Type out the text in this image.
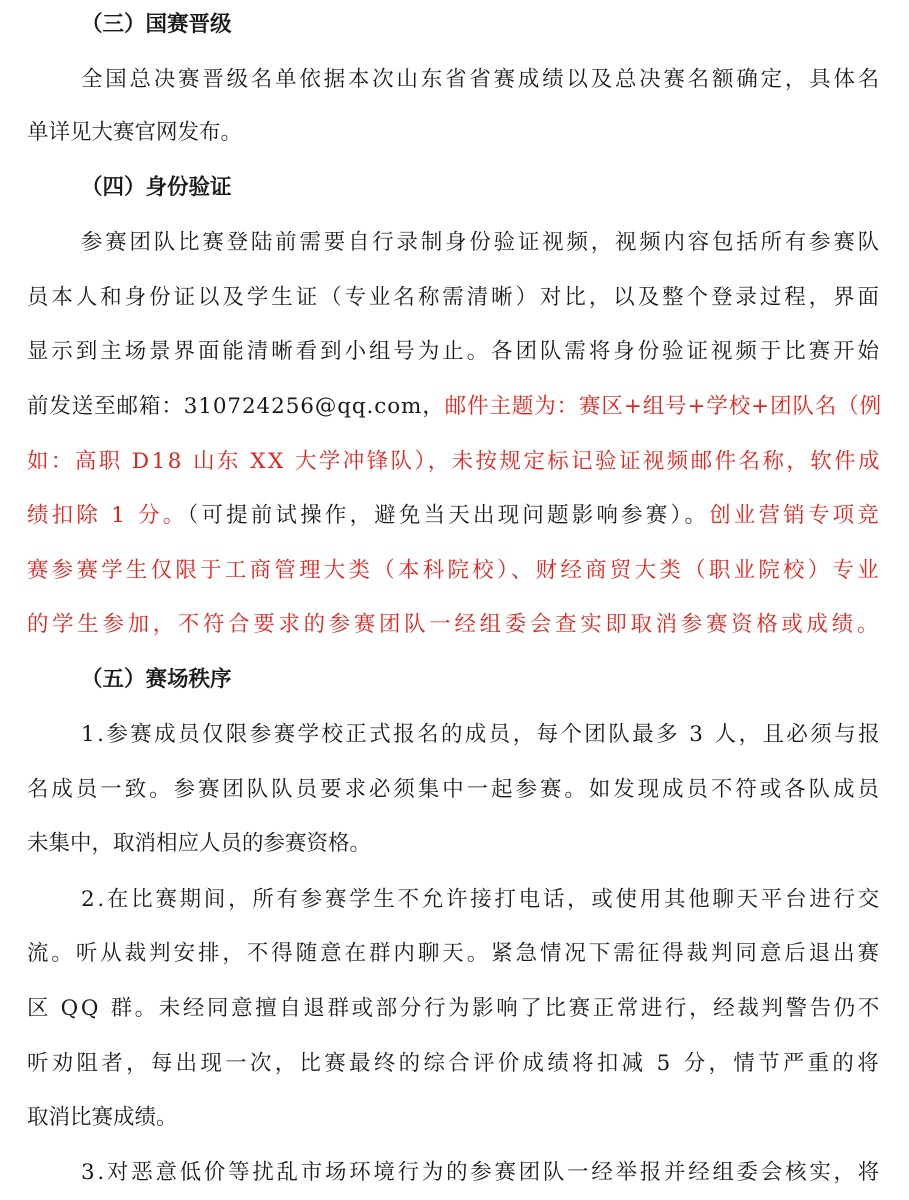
（三）国赛晋级
全国总决赛晋级名单依据本次山东省省赛成绩以及总决赛名额确定，具体名
单详见大赛官网发布。
（四）身份验证
参赛团队比赛登陆前需要自行录制身份验证视频，视频内容包括所有参赛队
员本人和身份证以及学生证（专业名称需清晰）对比，以及整个登录过程，界面
显示到主场景界面能清晰看到小组号为止。各团队需将身份验证视频于比赛开始
前发送至邮箱：310724256@qq.com，邮件主题为：赛区+组号+学校+团队名（例
如：高职 D18 山东 XX 大学冲锋队），未按规定标记验证视频邮件名称，软件成
绩扣除 1 分。（可提前试操作，避免当天出现问题影响参赛）。创业营销专项竞
赛参赛学生仅限于工商管理大类（本科院校）、财经商贸大类（职业院校）专业
的学生参加，不符合要求的参赛团队一经组委会查实即取消参赛资格或成绩。
（五）赛场秩序
1.参赛成员仅限参赛学校正式报名的成员，每个团队最多 3 人，且必须与报
名成员一致。参赛团队队员要求必须集中一起参赛。如发现成员不符或各队成员
未集中，取消相应人员的参赛资格。
2.在比赛期间，所有参赛学生不允许接打电话，或使用其他聊天平台进行交
流。听从裁判安排，不得随意在群内聊天。紧急情况下需征得裁判同意后退出赛
区 QQ 群。未经同意擅自退群或部分行为影响了比赛正常进行，经裁判警告仍不
听劝阻者，每出现一次，比赛最终的综合评价成绩将扣减 5 分，情节严重的将
取消比赛成绩。
3.对恶意低价等扰乱市场环境行为的参赛团队一经举报并经组委会核实，将
